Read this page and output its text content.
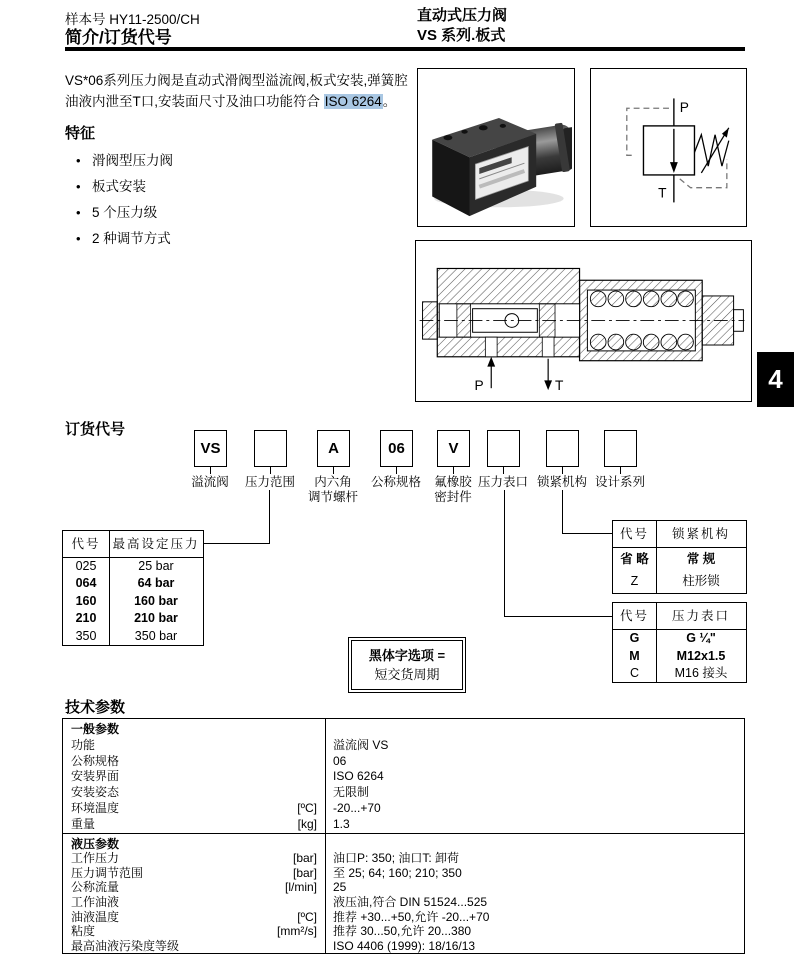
样本号 HY11-2500/CH
简介/订货代号
直动式压力阀
VS 系列.板式
VS*06系列压力阀是直动式滑阀型溢流阀,板式安装,弹簧腔油液内泄至T口,安装面尺寸及油口功能符合 ISO 6264。
特征
• 滑阀型压力阀
• 板式安装
• 5 个压力级
• 2 种调节方式
P
T
P	T	4
订货代号
VS
溢流阀	压力范围
A
内六角
调节螺杆
06
公称规格
V
氟橡胶
密封件
压力表口 锁紧机构 设计系列
代号 最高设定压力
025	25 bar
064	64 bar
160	160 bar
210	210 bar
350	350 bar
代号	锁紧机构
省 略	常 规
Z	柱形锁
代号	压力表口
G	G ¼"
M	M12x1.5
C	M16 接头
黑体字选项 =
短交货周期
技术参数
一般参数
功能	溢流阀 VS
公称规格	06
安装界面	ISO 6264
安装姿态	无限制
环境温度	[ºC] -20...+70
重量	[kg] 1.3
液压参数
工作压力	[bar] 油口P: 350; 油口T: 卸荷
压力调节范围	[bar] 至 25; 64; 160; 210; 350
公称流量	[l/min] 25
工作油液	液压油,符合 DIN 51524...525
油液温度	[ºC] 推荐 +30...+50,允许 -20...+70
粘度	[mm²/s] 推荐 30...50,允许 20...380
最高油液污染度等级	ISO 4406 (1999): 18/16/13
